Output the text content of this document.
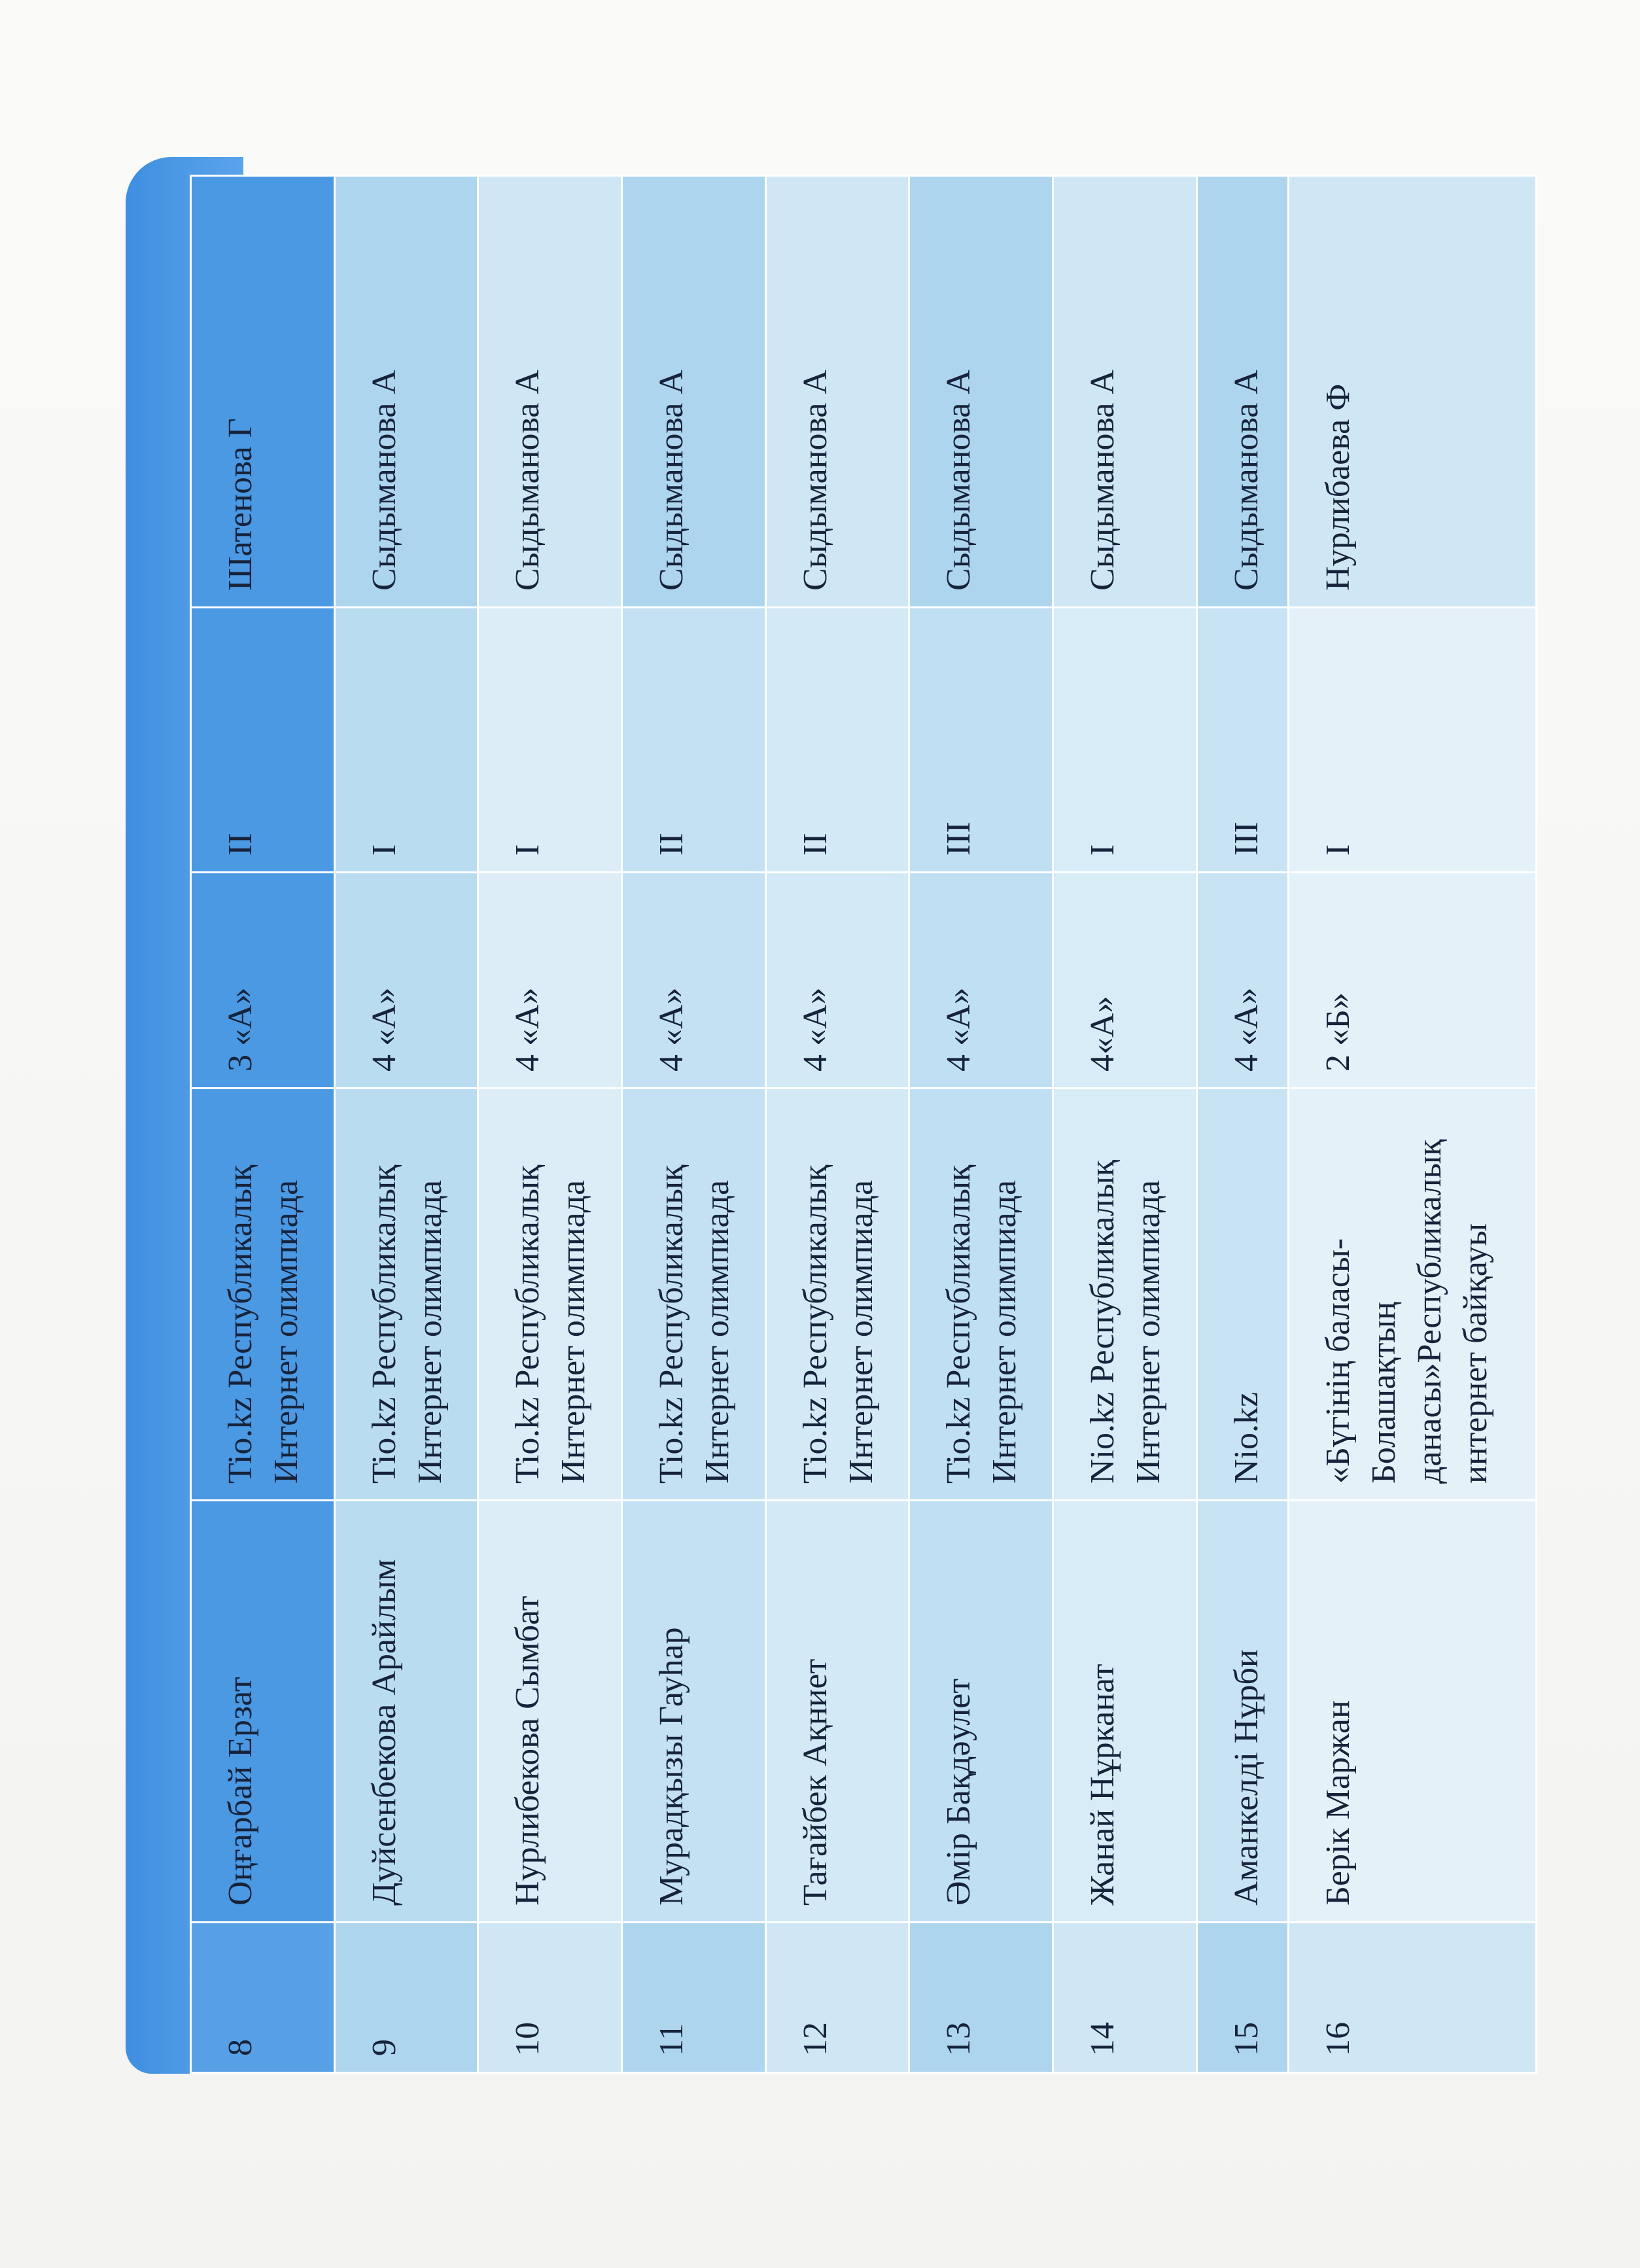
8	Оңғарбай Ерзат	Tio.kz Республикалық Интернет олимпиада	3 «А»	II	Шатенова Г
9	Дуйсенбекова Арайлым	Tio.kz Республикалық Интернет олимпиада	4 «А»	I	Сыдыманова А
10	Нурлибекова Сымбат	Tio.kz Республикалық Интернет олимпиада	4 «А»	I	Сыдыманова А
11	Мурадқызы Гауһар	Tio.kz Республикалық Интернет олимпиада	4 «А»	II	Сыдыманова А
12	Тағайбек Ақниет	Tio.kz Республикалық Интернет олимпиада	4 «А»	II	Сыдыманова А
13	Әмір Бақдәулет	Tio.kz Республикалық Интернет олимпиада	4 «А»	III	Сыдыманова А
14	Жанай Нұрканат	Nio.kz Республикалық Интернет олимпиада	4«А»	I	Сыдыманова А
15	Аманкелді Нұрби	Nio.kz	4 «А»	III	Сыдыманова А
16	Берік Маржан	«Бүгінің баласы-Болашақтың данасы»Республикалық интернет байқауы	2 «Б»	I	Нурлибаева Ф
